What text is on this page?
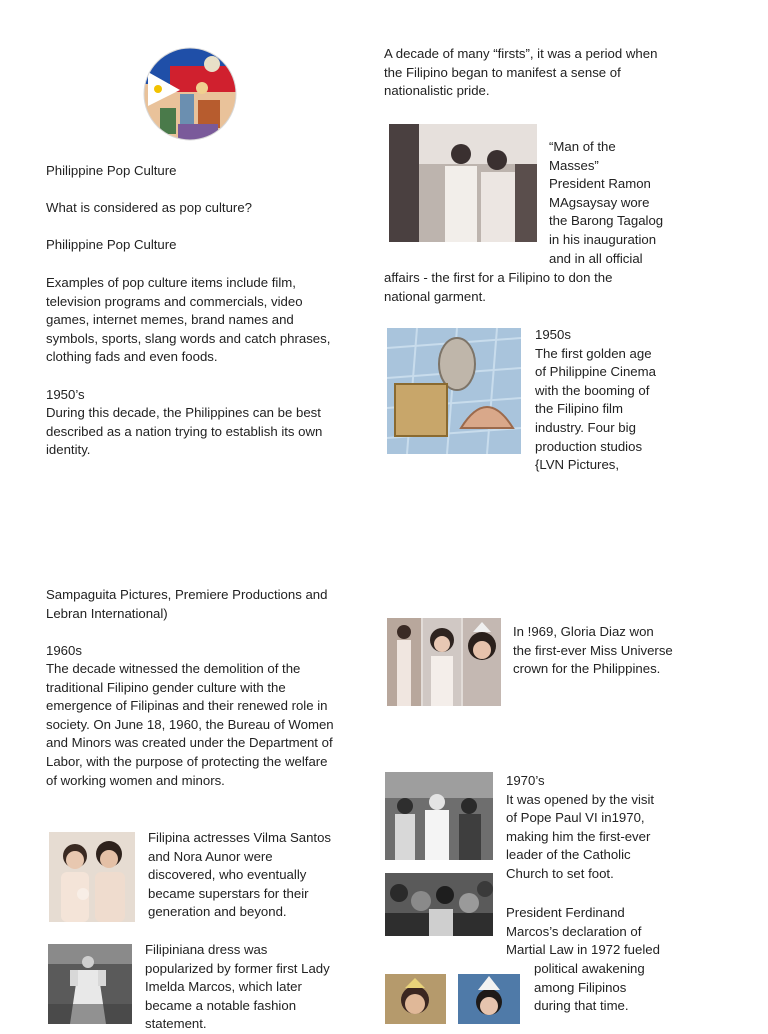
Philippine Pop Culture

What is considered as pop culture?

Philippine Pop Culture

Examples of pop culture items include film, television programs and commercials, video games, internet memes, brand names and symbols, sports, slang words and catch phrases, clothing fads and even foods.

1950’s

During this decade, the Philippines can be best described as a nation trying to establish its own identity.

Sampaguita Pictures, Premiere Productions and Lebran International)

1960s

The decade witnessed the demolition of the traditional Filipino gender culture with the emergence of Filipinas and their renewed role in society. On June 18, 1960, the Bureau of Women and Minors was created under the Department of Labor, with the purpose of protecting the welfare of working women and minors.

Filipina actresses Vilma Santos and Nora Aunor were discovered, who eventually became superstars for their generation and beyond.

Filipiniana dress was popularized by former first Lady Imelda Marcos, which later became a notable fashion statement.

A decade of many “firsts”, it was a period when the Filipino began to manifest a sense of nationalistic pride.

“Man of the

Masses”

President Ramon

MAgsaysay wore

the Barong Tagalog

in his inauguration

and in all official

affairs - the first for a Filipino to don the national garment.

1950s

The first golden age

of Philippine Cinema

with the booming of

the Filipino film

industry. Four big

production studios

{LVN Pictures,

In !969, Gloria Diaz won the first-ever Miss Universe crown for the Philippines.

1970’s

It was opened by the visit

of Pope Paul VI in1970,

making him the first-ever

leader of the Catholic

Church to set foot.

President Ferdinand

Marcos’s declaration of

Martial Law in 1972 fueled

political awakening

among Filipinos

during that time.
